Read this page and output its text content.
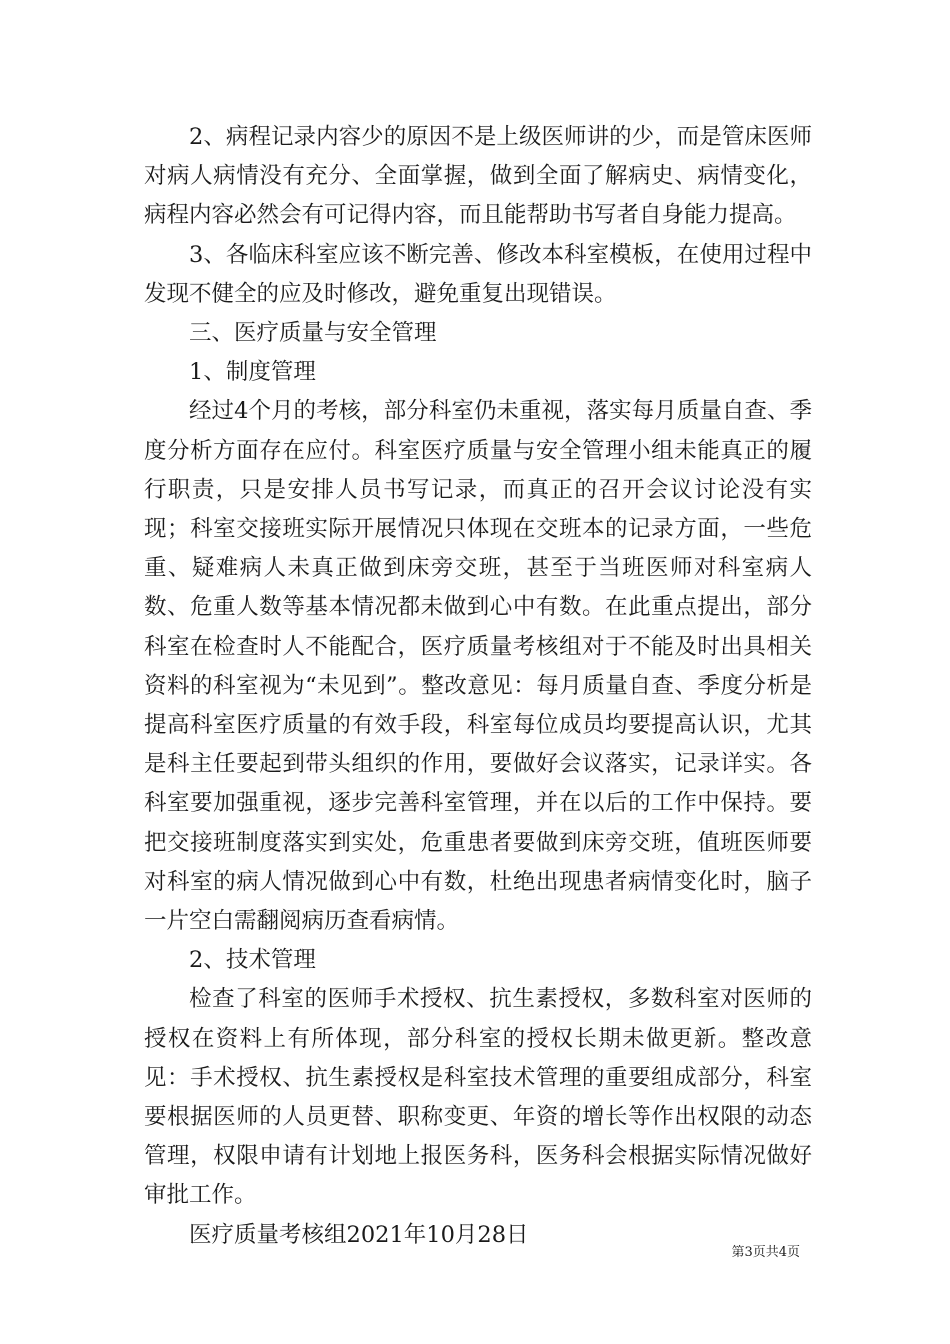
2、病程记录内容少的原因不是上级医师讲的少，而是管床医师对病人病情没有充分、全面掌握，做到全面了解病史、病情变化，病程内容必然会有可记得内容，而且能帮助书写者自身能力提高。

3、各临床科室应该不断完善、修改本科室模板，在使用过程中发现不健全的应及时修改，避免重复出现错误。

三、医疗质量与安全管理

1、制度管理

经过4个月的考核，部分科室仍未重视，落实每月质量自查、季度分析方面存在应付。科室医疗质量与安全管理小组未能真正的履行职责，只是安排人员书写记录，而真正的召开会议讨论没有实现；科室交接班实际开展情况只体现在交班本的记录方面，一些危重、疑难病人未真正做到床旁交班，甚至于当班医师对科室病人数、危重人数等基本情况都未做到心中有数。在此重点提出，部分科室在检查时人不能配合，医疗质量考核组对于不能及时出具相关资料的科室视为“未见到”。整改意见：每月质量自查、季度分析是提高科室医疗质量的有效手段，科室每位成员均要提高认识，尤其是科主任要起到带头组织的作用，要做好会议落实，记录详实。各科室要加强重视，逐步完善科室管理，并在以后的工作中保持。要把交接班制度落实到实处，危重患者要做到床旁交班，值班医师要对科室的病人情况做到心中有数，杜绝出现患者病情变化时，脑子一片空白需翻阅病历查看病情。

2、技术管理

检查了科室的医师手术授权、抗生素授权，多数科室对医师的授权在资料上有所体现，部分科室的授权长期未做更新。整改意见：手术授权、抗生素授权是科室技术管理的重要组成部分，科室要根据医师的人员更替、职称变更、年资的增长等作出权限的动态管理，权限申请有计划地上报医务科，医务科会根据实际情况做好审批工作。

医疗质量考核组2021年10月28日

第3页共4页
